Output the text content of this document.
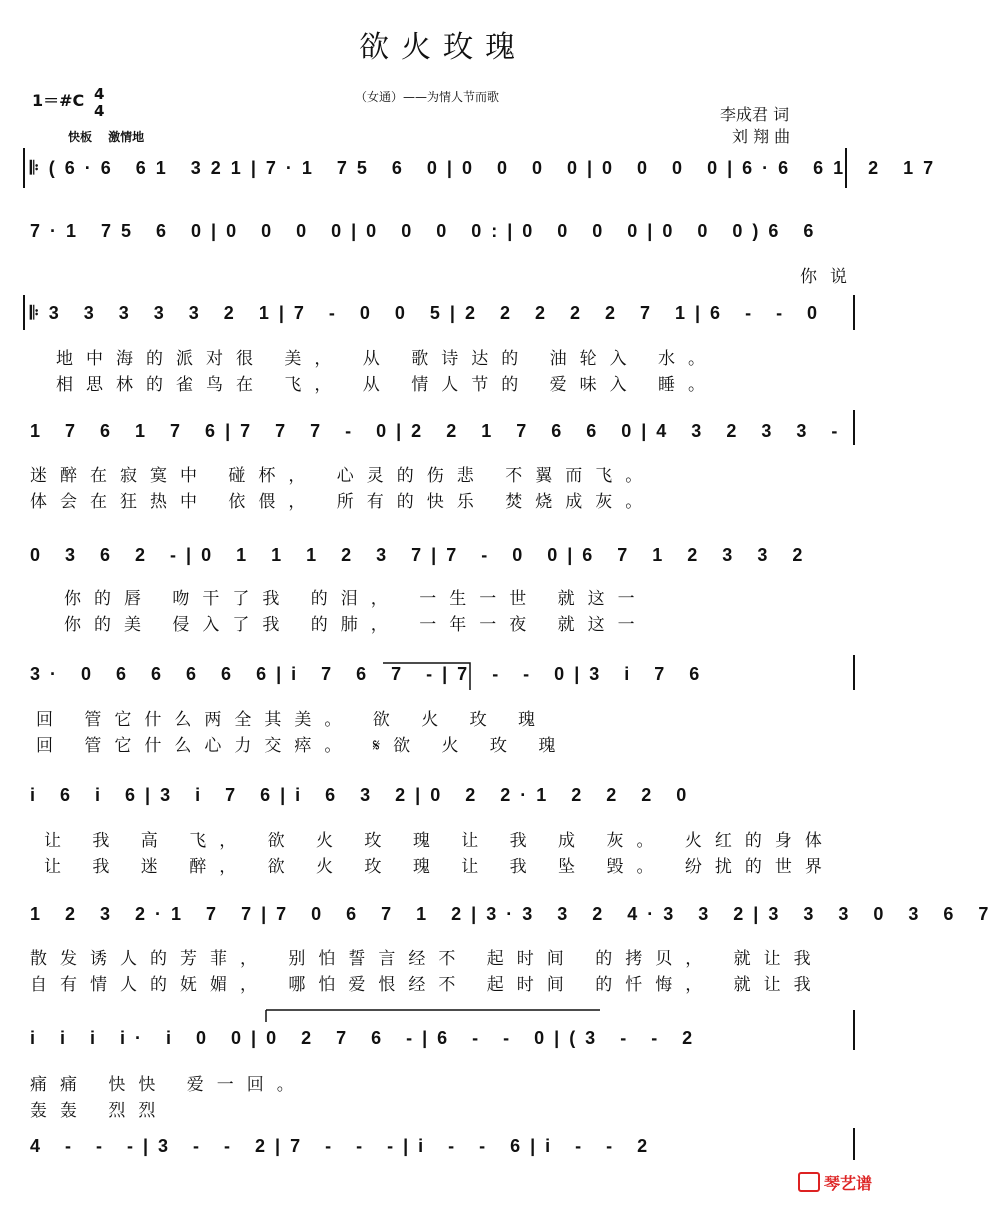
欲火玫瑰
（女通）——为情人节而歌
1＝#C 4
4
快板 激情地
李成君 词
刘 翔 曲
𝄆(6·6 61 321|7·1 75 6 0|0 0 0 0|0 0 0 0|6·6 61 2 17
7·1 75 6 0|0 0 0 0|0 0 0 0:|0 0 0 0|0 0 0)6 6
你说
𝄆3 3 3 3 3 2 1|7 - 0 0 5|2 2 2 2 2 7 1|6 - - 0
地中海的派对很 美， 从 歌诗达的 油轮入 水。
相思林的雀鸟在 飞， 从 情人节的 爱味入 睡。
1 7 6 1 7 6|7 7 7 - 0|2 2 1 7 6 6 0|4 3 2 3 3 -
迷醉在寂寞中 碰杯， 心灵的伤悲 不翼而飞。
体会在狂热中 依偎， 所有的快乐 焚烧成灰。
0 3 6 2 -|0 1 1 1 2 3 7|7 - 0 0|6 7 1 2 3 3 2
你的唇 吻干了我 的泪， 一生一世 就这一
你的美 侵入了我 的肺， 一年一夜 就这一
3· 0 6 6 6 6 6|i 7 6 7 -|7 - - 0|3 i 7 6
回 管它什么两全其美。 欲 火 玫 瑰
回 管它什么心力交瘁。 𝄋欲 火 玫 瑰
i 6 i 6|3 i 7 6|i 6 3 2|0 2 2·1 2 2 2 0
让 我 高 飞， 欲 火 玫 瑰 让 我 成 灰。 火红的身体
让 我 迷 醉， 欲 火 玫 瑰 让 我 坠 毁。 纷扰的世界
1 2 3 2·1 7 7|7 0 6 7 1 2|3·3 3 2 4·3 3 2|3 3 3 0 3 6 7
散发诱人的芳菲， 别怕誓言经不 起时间 的拷贝， 就让我
自有情人的妩媚， 哪怕爱恨经不 起时间 的忏悔， 就让我
i i i i· i 0 0|0 2 7 6 -|6 - - 0|(3 - - 2
痛痛 快快 爱一回。
轰轰 烈烈
4 - - -|3 - - 2|7 - - -|i - - 6|i - - 2
琴艺谱
